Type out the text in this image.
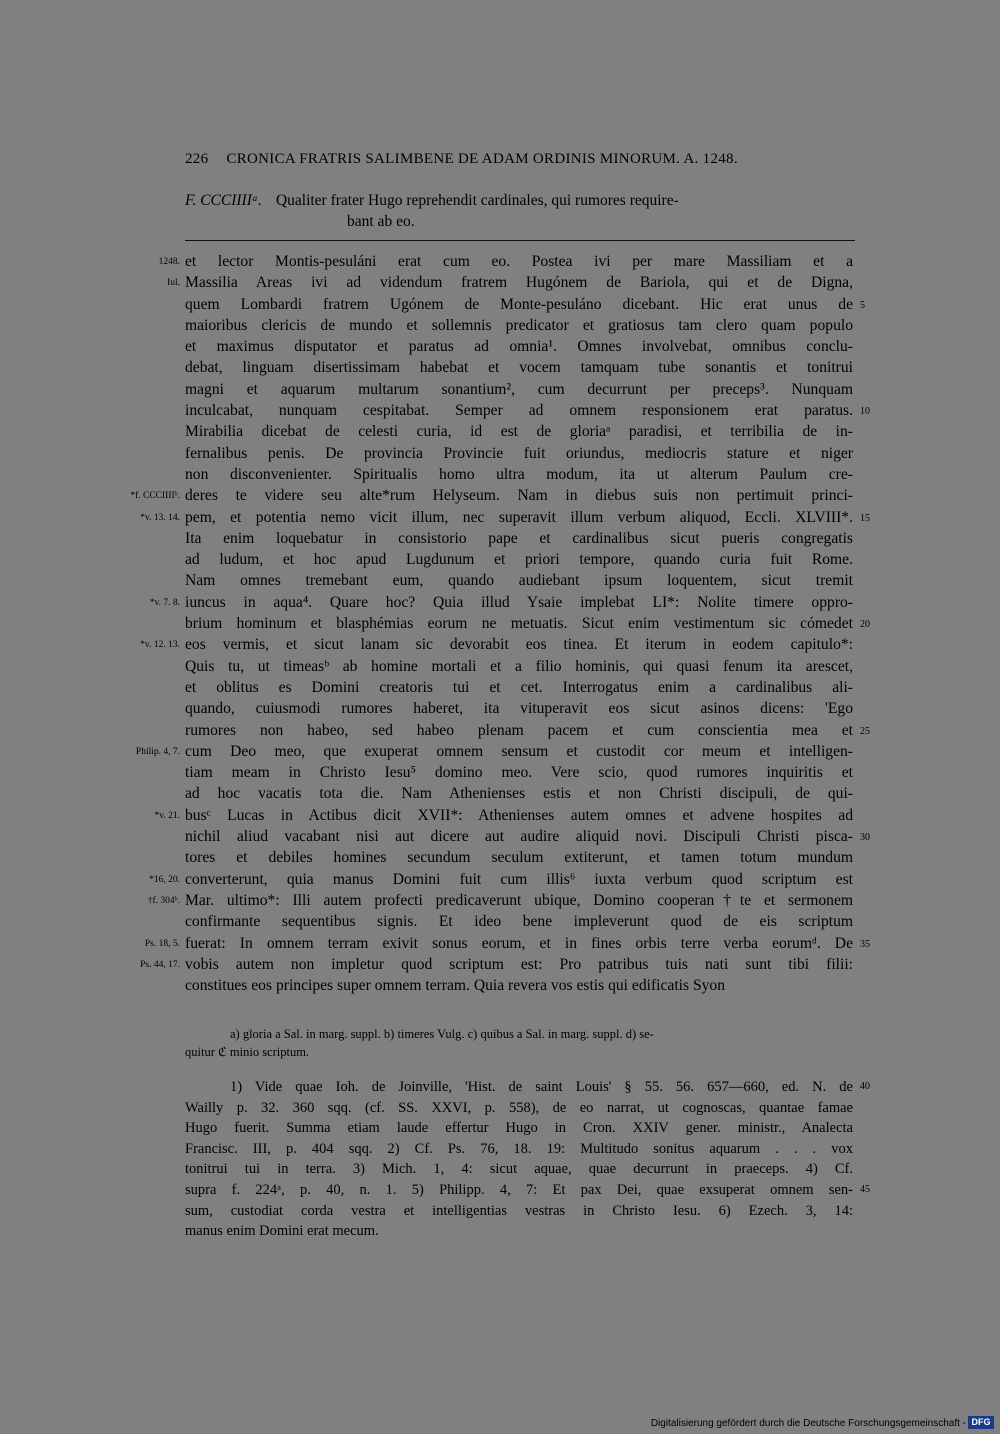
226 CRONICA FRATRIS SALIMBENE DE ADAM ORDINIS MINORUM. A. 1248.
F. CCCIIIIᵃ. Qualiter frater Hugo reprehendit cardinales, qui rumores require-
bant ab eo.
1248. et lector Montis-pesuláni erat cum eo. Postea ivi per mare Massiliam et a
Iul. Massilia Areas ivi ad videndum fratrem Hugónem de Bariola, qui et de Digna,
quem Lombardi fratrem Ugónem de Monte-pesuláno dicebant. Hic erat unus de 5
maioribus clericis de mundo et sollemnis predicator et gratiosus tam clero quam populo
et maximus disputator et paratus ad omnia¹. Omnes involvebat, omnibus conclu-
debat, linguam disertissimam habebat et vocem tamquam tube sonantis et tonitrui
magni et aquarum multarum sonantium², cum decurrunt per preceps³. Nunquam
inculcabat, nunquam cespitabat. Semper ad omnem responsionem erat paratus. 10
Mirabilia dicebat de celesti curia, id est de gloriaᵃ paradisi, et terribilia de in-
fernalibus penis. De provincia Provincie fuit oriundus, mediocris stature et niger
non disconvenienter. Spiritualis homo ultra modum, ita ut alterum Paulum cre-
*f. CCCIIIIᵇ. deres te videre seu alte*rum Helyseum. Nam in diebus suis non pertimuit princi-
*v. 13. 14. pem, et potentia nemo vicit illum, nec superavit illum verbum aliquod, Eccli. XLVIII*. 15
Ita enim loquebatur in consistorio pape et cardinalibus sicut pueris congregatis
ad ludum, et hoc apud Lugdunum et priori tempore, quando curia fuit Rome.
Nam omnes tremebant eum, quando audiebant ipsum loquentem, sicut tremit
*v. 7. 8. iuncus in aqua⁴. Quare hoc? Quia illud Ysaie implebat LI*: Nolite timere oppro-
brium hominum et blasphémias eorum ne metuatis. Sicut enim vestimentum sic cómedet 20
*v. 12. 13. eos vermis, et sicut lanam sic devorabit eos tinea. Et iterum in eodem capitulo*:
Quis tu, ut timeasᵇ ab homine mortali et a filio hominis, qui quasi fenum ita arescet,
et oblitus es Domini creatoris tui et cet. Interrogatus enim a cardinalibus ali-
quando, cuiusmodi rumores haberet, ita vituperavit eos sicut asinos dicens: 'Ego
rumores non habeo, sed habeo plenam pacem et cum conscientia mea et 25
Philip. 4, 7. cum Deo meo, que exuperat omnem sensum et custodit cor meum et intelligen-
tiam meam in Christo Iesu⁵ domino meo. Vere scio, quod rumores inquiritis et
ad hoc vacatis tota die. Nam Athenienses estis et non Christi discipuli, de qui-
*v. 21. busᶜ Lucas in Actibus dicit XVII*: Athenienses autem omnes et advene hospites ad
nichil aliud vacabant nisi aut dicere aut audire aliquid novi. Discipuli Christi pisca- 30
tores et debiles homines secundum seculum extiterunt, et tamen totum mundum
*16, 20. converterunt, quia manus Domini fuit cum illis⁶ iuxta verbum quod scriptum est
†f. 304ᵇ. Mar. ultimo*: Illi autem profecti predicaverunt ubique, Domino cooperan†te et sermonem
confirmante sequentibus signis. Et ideo bene impleverunt quod de eis scriptum
Ps. 18, 5. fuerat: In omnem terram exivit sonus eorum, et in fines orbis terre verba eorumᵈ. De 35
Ps. 44, 17. vobis autem non impletur quod scriptum est: Pro patribus tuis nati sunt tibi filii:
constitues eos principes super omnem terram. Quia revera vos estis qui edificatis Syon
a) gloria a Sal. in marg. suppl. b) timeres Vulg. c) quibus a Sal. in marg. suppl. d) se-
quitur ℭ minio scriptum.
1) Vide quae Ioh. de Joinville, 'Hist. de saint Louis' § 55. 56. 657—660, ed. N. de 40
Wailly p. 32. 360 sqq. (cf. SS. XXVI, p. 558), de eo narrat, ut cognoscas, quantae famae
Hugo fuerit. Summa etiam laude effertur Hugo in Cron. XXIV gener. ministr., Analecta
Francisc. III, p. 404 sqq. 2) Cf. Ps. 76, 18. 19: Multitudo sonitus aquarum . . . vox
tonitrui tui in terra. 3) Mich. 1, 4: sicut aquae, quae decurrunt in praeceps. 4) Cf.
supra f. 224ᵃ, p. 40, n. 1. 5) Philipp. 4, 7: Et pax Dei, quae exsuperat omnem sen- 45
sum, custodiat corda vestra et intelligentias vestras in Christo Iesu. 6) Ezech. 3, 14:
manus enim Domini erat mecum.
Digitalisierung gefördert durch die Deutsche Forschungsgemeinschaft - DFG
